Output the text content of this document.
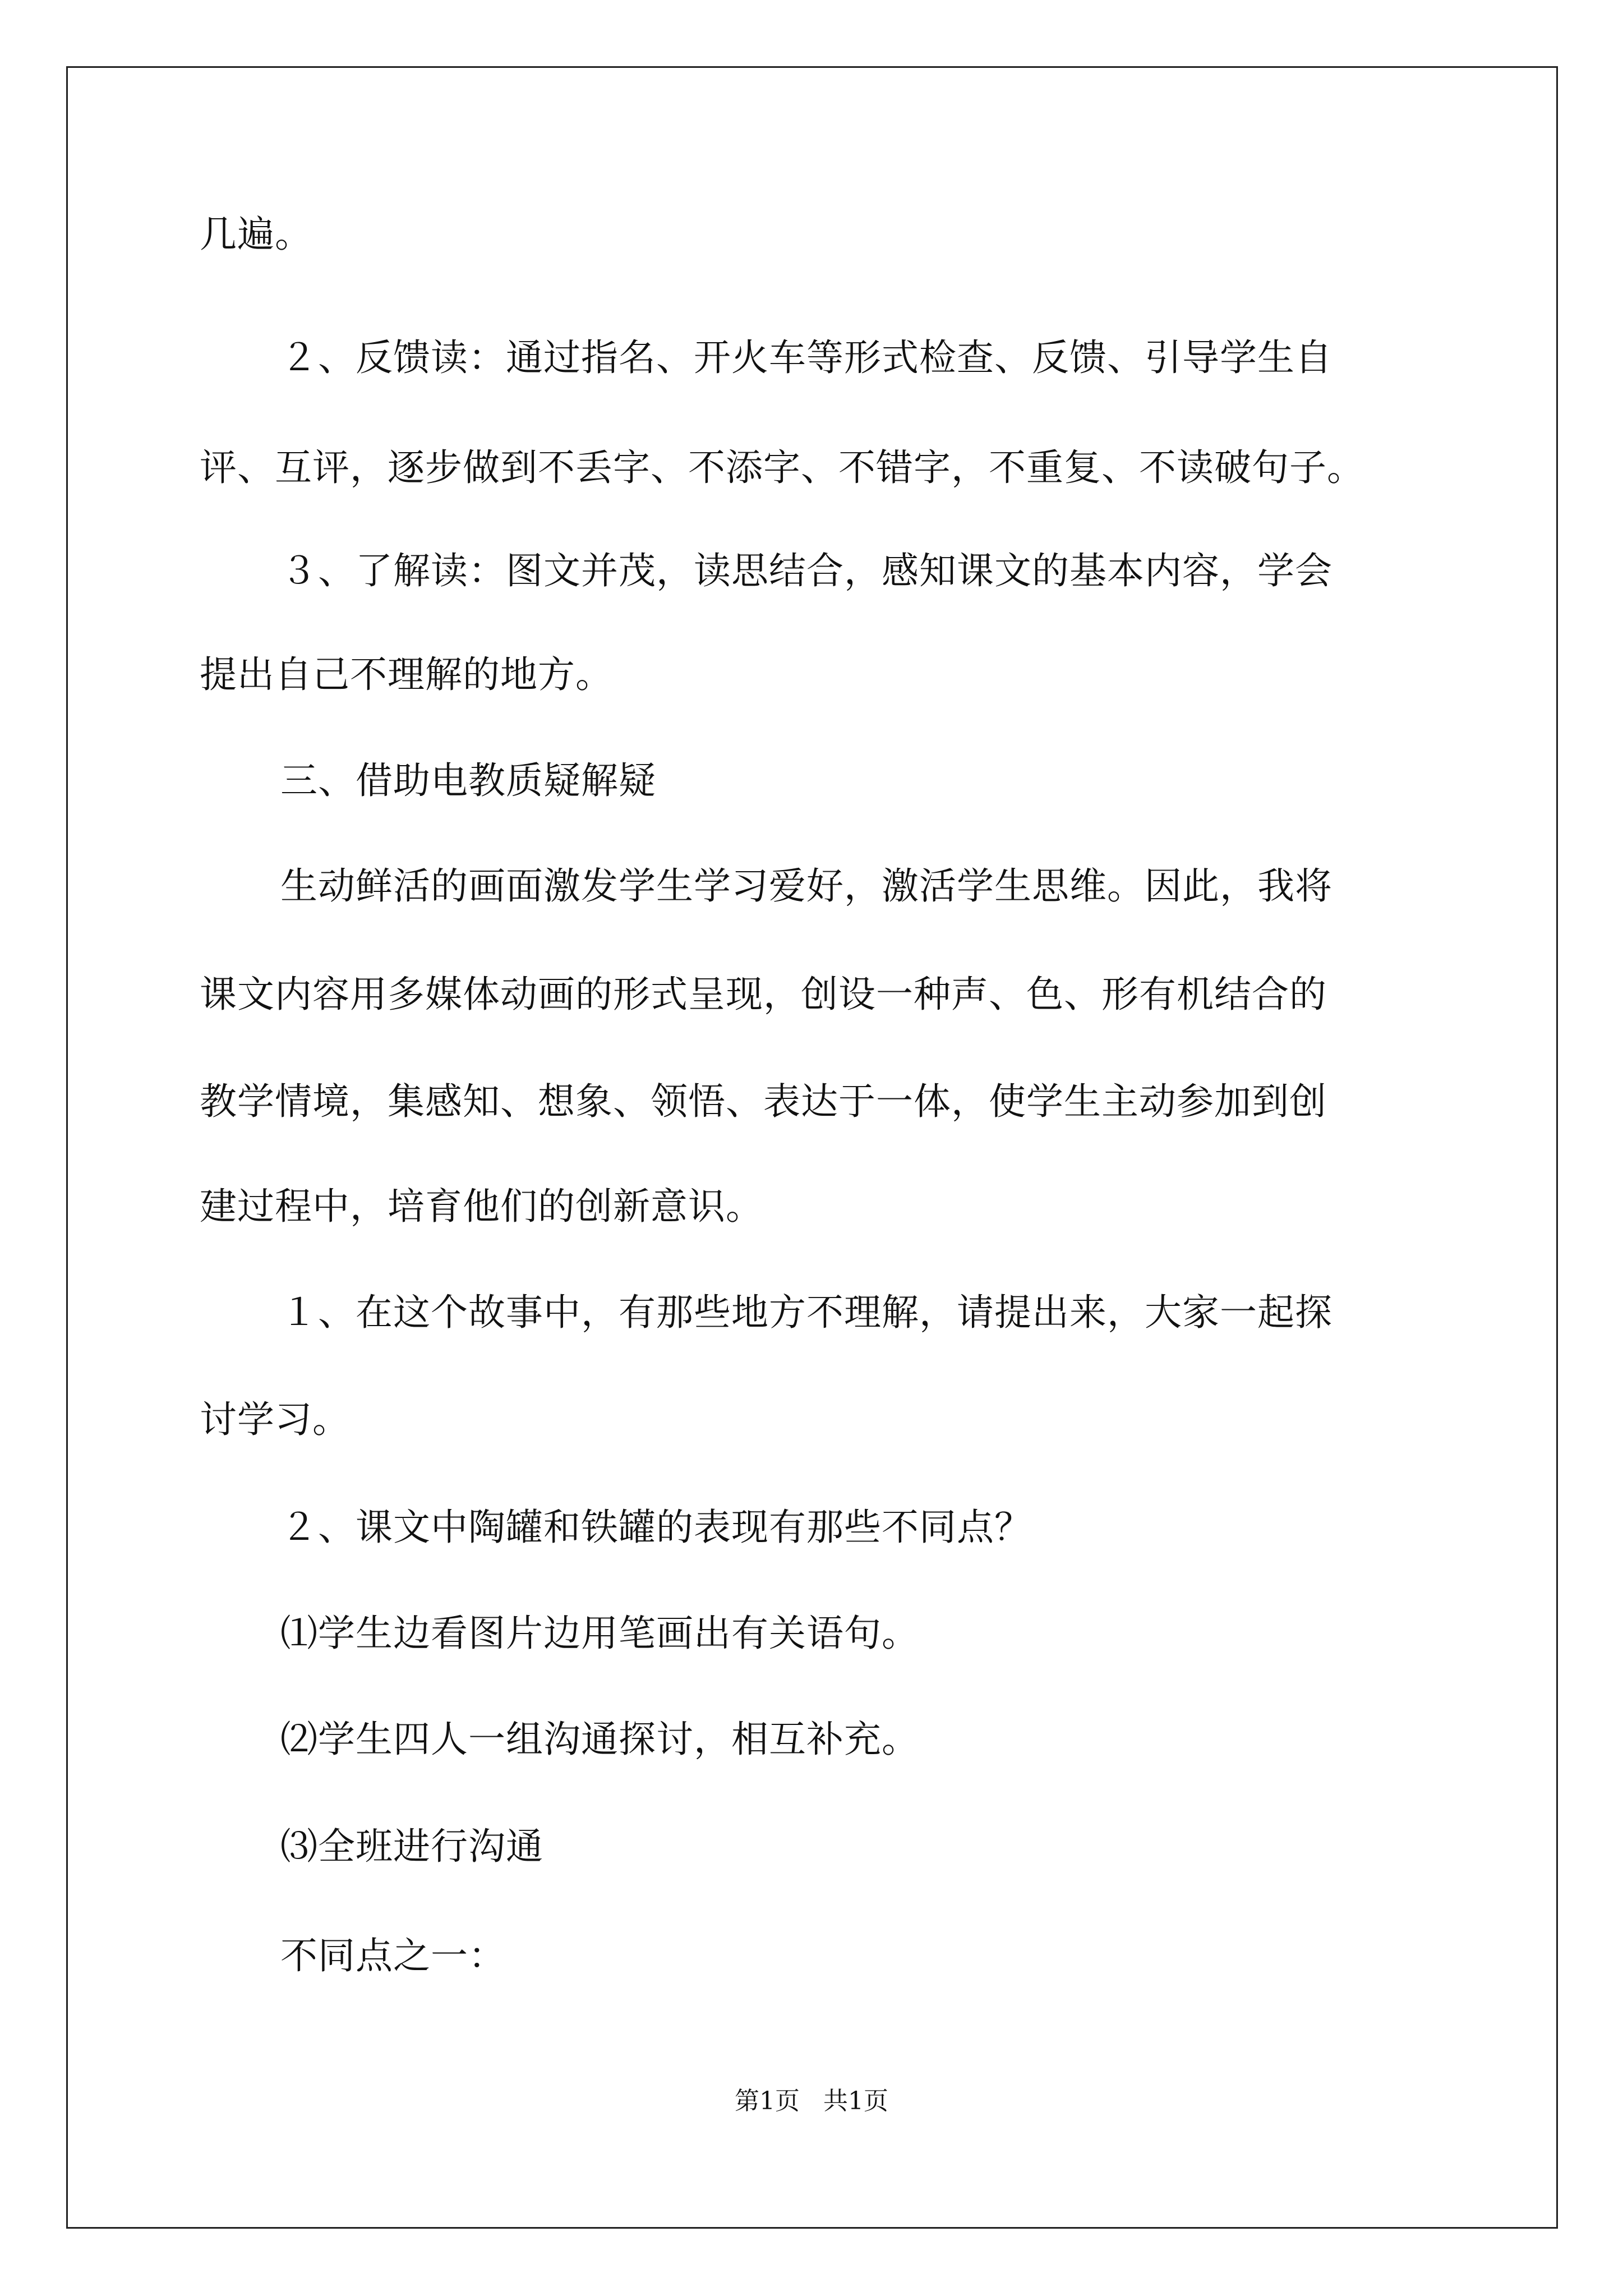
几遍。
２、反馈读：通过指名、开火车等形式检查、反馈、引导学生自
评、互评，逐步做到不丢字、不添字、不错字，不重复、不读破句子。
３、了解读：图文并茂，读思结合，感知课文的基本内容，学会
提出自己不理解的地方。
三、借助电教质疑解疑
生动鲜活的画面激发学生学习爱好，激活学生思维。因此，我将
课文内容用多媒体动画的形式呈现，创设一种声、色、形有机结合的
教学情境，集感知、想象、领悟、表达于一体，使学生主动参加到创
建过程中，培育他们的创新意识。
１、在这个故事中，有那些地方不理解，请提出来，大家一起探
讨学习。
２、课文中陶罐和铁罐的表现有那些不同点？
⑴学生边看图片边用笔画出有关语句。
⑵学生四人一组沟通探讨，相互补充。
⑶全班进行沟通
不同点之一：
第1页   共1页
